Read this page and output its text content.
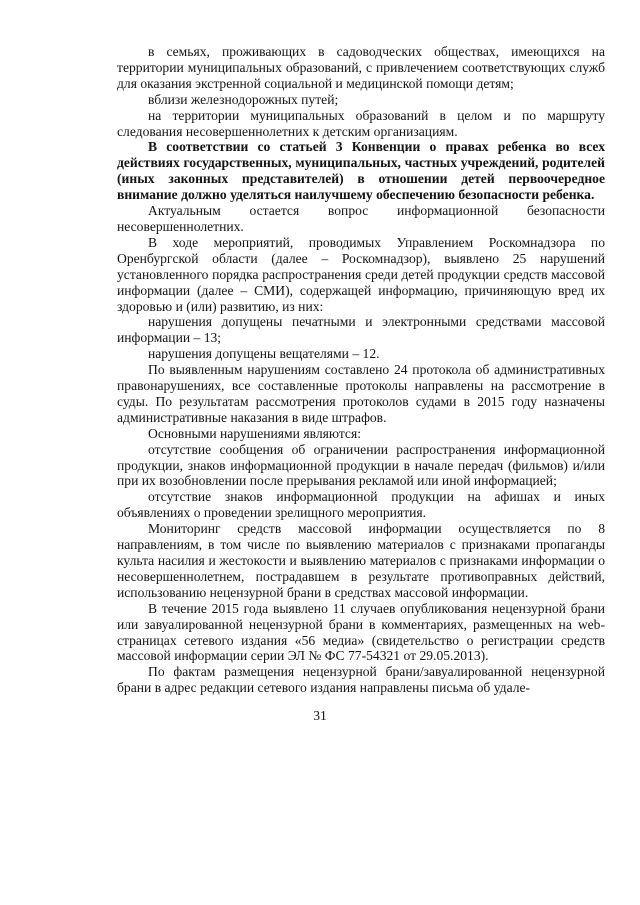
в семьях, проживающих в садоводческих обществах, имеющихся на территории муниципальных образований, с привлечением соответствующих служб для оказания экстренной социальной и медицинской помощи детям;

вблизи железнодорожных путей;

на территории муниципальных образований в целом и по маршруту следования несовершеннолетних к детским организациям.

В соответствии со статьей 3 Конвенции о правах ребенка во всех действиях государственных, муниципальных, частных учреждений, родителей (иных законных представителей) в отношении детей первоочередное внимание должно уделяться наилучшему обеспечению безопасности ребенка.

Актуальным остается вопрос информационной безопасности несовершеннолетних.

В ходе мероприятий, проводимых Управлением Роскомнадзора по Оренбургской области (далее – Роскомнадзор), выявлено 25 нарушений установленного порядка распространения среди детей продукции средств массовой информации (далее – СМИ), содержащей информацию, причиняющую вред их здоровью и (или) развитию, из них:

нарушения допущены печатными и электронными средствами массовой информации – 13;

нарушения допущены вещателями – 12.

По выявленным нарушениям составлено 24 протокола об административных правонарушениях, все составленные протоколы направлены на рассмотрение в суды. По результатам рассмотрения протоколов судами в 2015 году назначены административные наказания в виде штрафов.

Основными нарушениями являются:

отсутствие сообщения об ограничении распространения информационной продукции, знаков информационной продукции в начале передач (фильмов) и/или при их возобновлении после прерывания рекламой или иной информацией;

отсутствие знаков информационной продукции на афишах и иных объявлениях о проведении зрелищного мероприятия.

Мониторинг средств массовой информации осуществляется по 8 направлениям, в том числе по выявлению материалов с признаками пропаганды культа насилия и жестокости и выявлению материалов с признаками информации о несовершеннолетнем, пострадавшем в результате противоправных действий, использованию нецензурной брани в средствах массовой информации.

В течение 2015 года выявлено 11 случаев опубликования нецензурной брани или завуалированной нецензурной брани в комментариях, размещенных на web-страницах сетевого издания «56 медиа» (свидетельство о регистрации средств массовой информации серии ЭЛ № ФС 77-54321 от 29.05.2013).

По фактам размещения нецензурной брани/завуалированной нецензурной брани в адрес редакции сетевого издания направлены письма об удале-

31
